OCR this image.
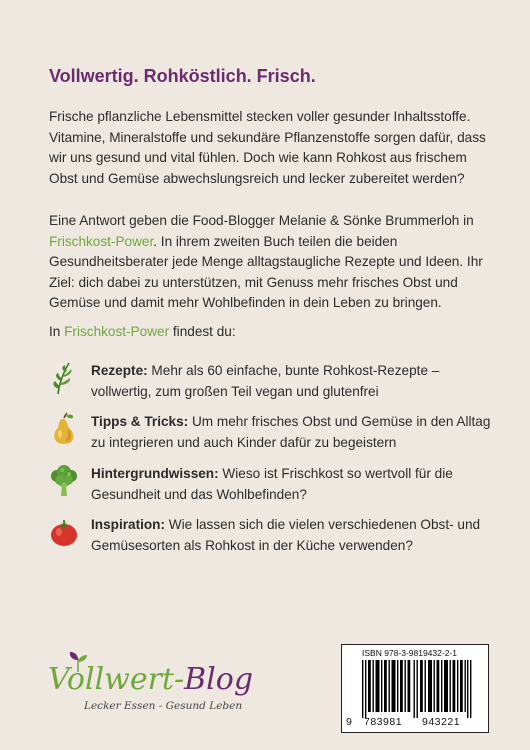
Vollwertig. Rohköstlich. Frisch.

Frische pflanzliche Lebensmittel stecken voller gesunder Inhaltsstoffe. Vitamine, Mineralstoffe und sekundäre Pflanzenstoffe sorgen dafür, dass wir uns gesund und vital fühlen. Doch wie kann Rohkost aus frischem Obst und Gemüse abwechslungsreich und lecker zubereitet werden?

Eine Antwort geben die Food-Blogger Melanie & Sönke Brummerloh in Frischkost-Power. In ihrem zweiten Buch teilen die beiden Gesundheitsberater jede Menge alltagstaugliche Rezepte und Ideen. Ihr Ziel: dich dabei zu unterstützen, mit Genuss mehr frisches Obst und Gemüse und damit mehr Wohlbefinden in dein Leben zu bringen.

In Frischkost-Power findest du:

Rezepte: Mehr als 60 einfache, bunte Rohkost-Rezepte – vollwertig, zum großen Teil vegan und glutenfrei

Tipps & Tricks: Um mehr frisches Obst und Gemüse in den Alltag zu integrieren und auch Kinder dafür zu begeistern

Hintergrundwissen: Wieso ist Frischkost so wertvoll für die Gesundheit und das Wohlbefinden?

Inspiration: Wie lassen sich die vielen verschiedenen Obst- und Gemüsesorten als Rohkost in der Küche verwenden?

Vollwert-Blog
Lecker Essen - Gesund Leben
ISBN 978-3-9819432-2-1
9 783981 943221
